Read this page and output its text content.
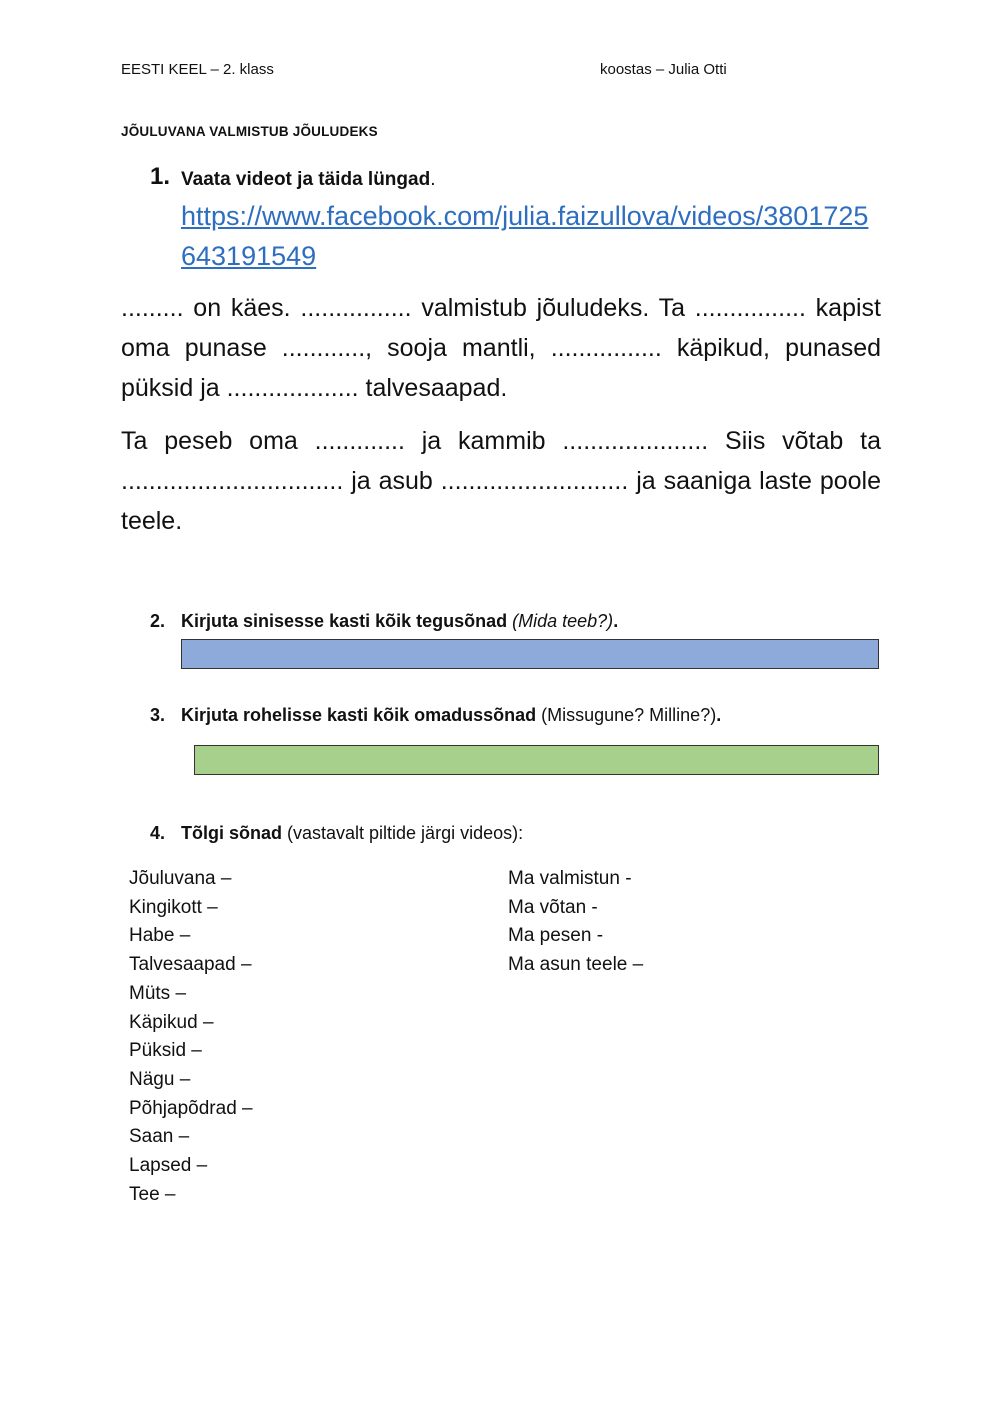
EESTI KEEL – 2. klass	koostas – Julia Otti
JÕULUVANA VALMISTUB JÕULUDEKS
1. Vaata videot ja täida lüngad.
https://www.facebook.com/julia.faizullova/videos/3801725643191549
......... on käes. ................ valmistub jõuludeks. Ta ................ kapist oma punase ............, sooja mantli, ................ käpikud, punased püksid ja ................... talvesaapad.
Ta peseb oma ............. ja kammib ..................... Siis võtab ta ................................ ja asub ........................... ja saaniga laste poole teele.
2. Kirjuta sinisesse kasti kõik tegusõnad (Mida teeb?).
3. Kirjuta rohelisse kasti kõik omadussõnad (Missugune? Milline?).
4. Tõlgi sõnad (vastavalt piltide järgi videos):
Jõuluvana –
Kingikott –
Habe –
Talvesaapad –
Müts –
Käpikud –
Püksid –
Nägu –
Põhjapõdrad –
Saan –
Lapsed –
Tee –
Ma valmistun -
Ma võtan -
Ma pesen -
Ma asun teele –
